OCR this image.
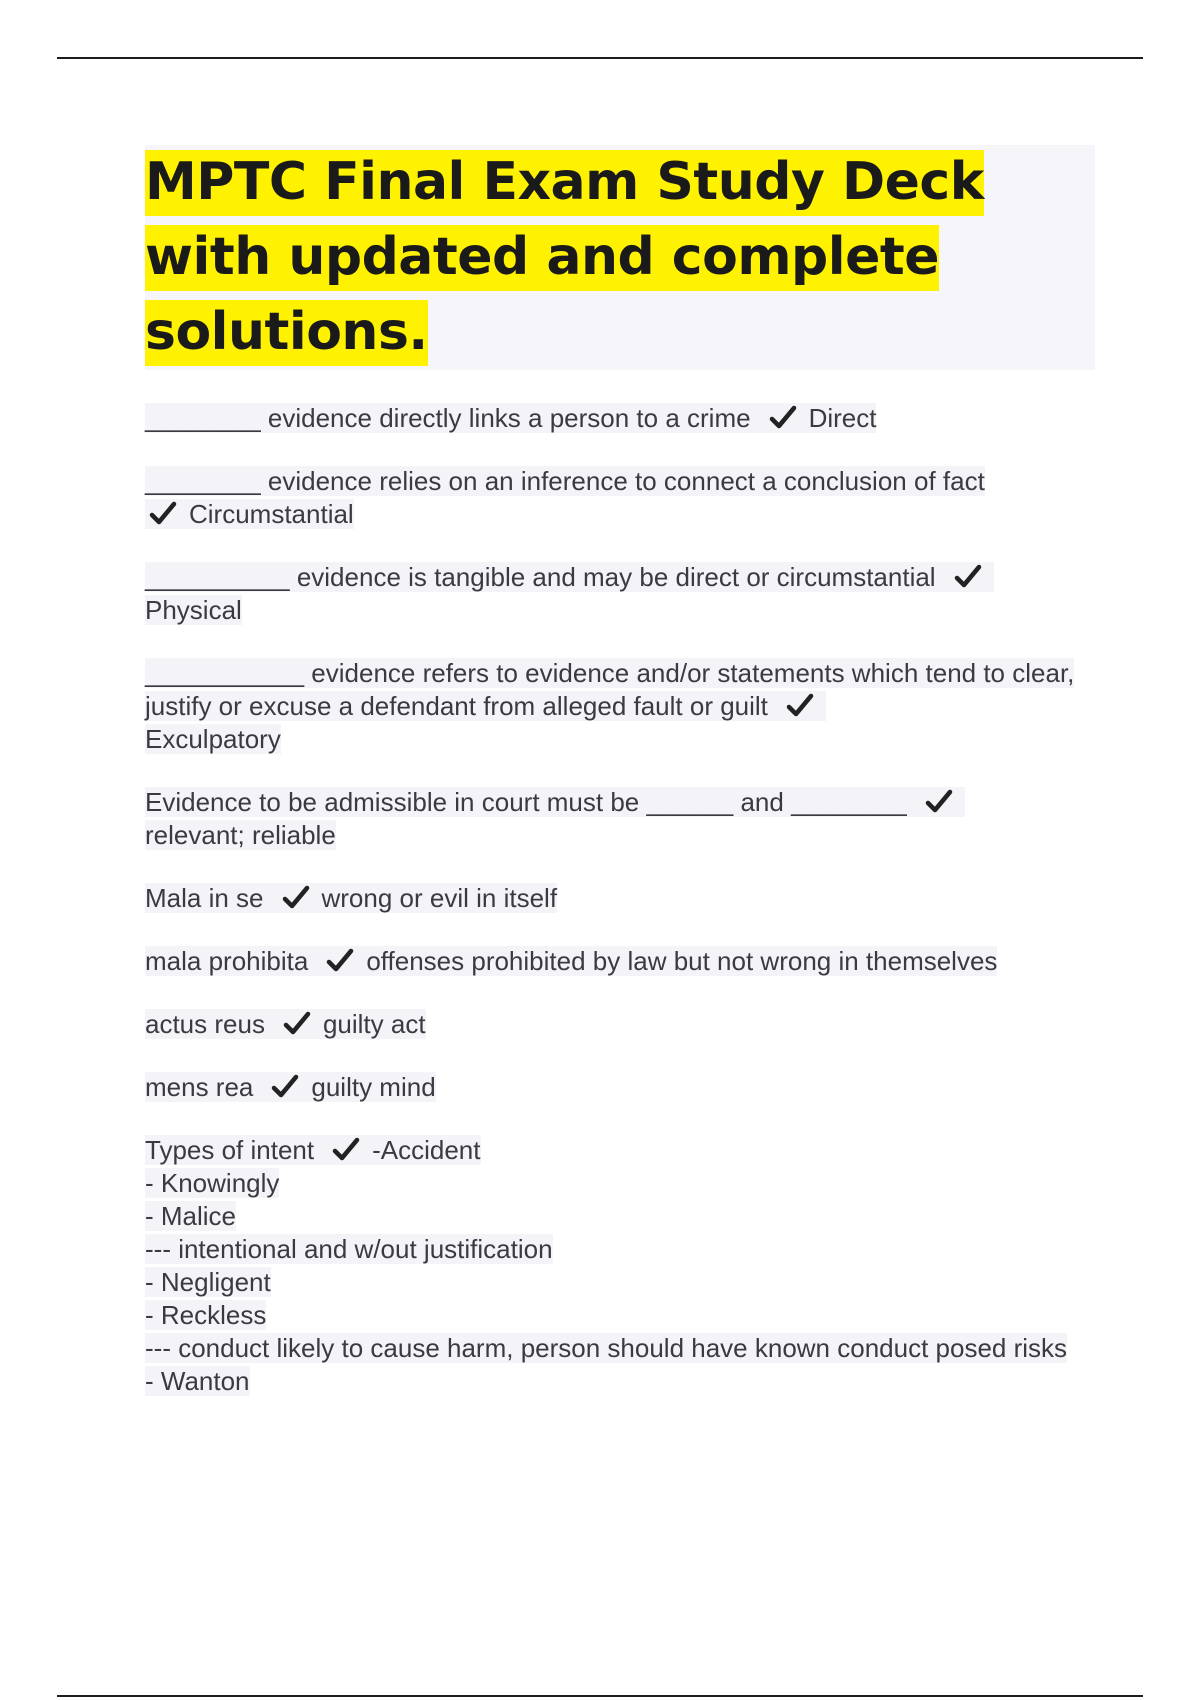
MPTC Final Exam Study Deck with updated and complete solutions.
________ evidence directly links a person to a crime Direct
________ evidence relies on an inference to connect a conclusion of fact

Circumstantial
__________ evidence is tangible and may be direct or circumstantial

Physical
___________ evidence refers to evidence and/or statements which tend to clear, justify or excuse a defendant from alleged fault or guilt

Exculpatory
Evidence to be admissible in court must be ______ and ________

relevant; reliable
Mala in se wrong or evil in itself
mala prohibita offenses prohibited by law but not wrong in themselves
actus reus guilty act
mens rea guilty mind
Types of intent -Accident
- Knowingly
- Malice
--- intentional and w/out justification
- Negligent
- Reckless
--- conduct likely to cause harm, person should have known conduct posed risks
- Wanton
